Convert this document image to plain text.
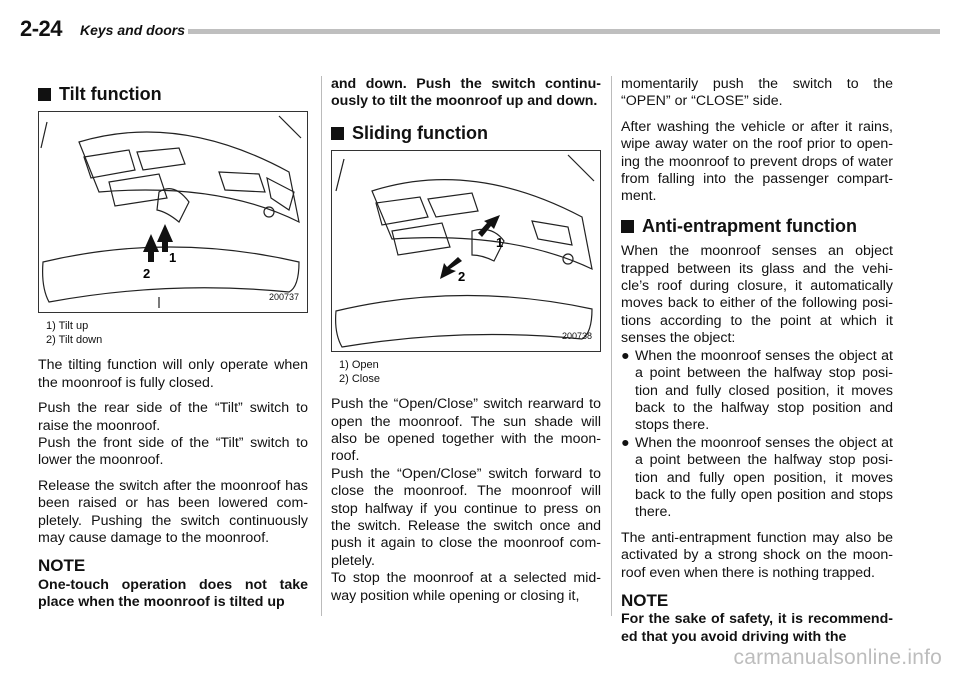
2-24 Keys and doors
Tilt function
1
2
200737
1) Tilt up
2) Tilt down

The tilting function will only operate when the moonroof is fully closed.

Push the rear side of the “Tilt” switch to raise the moonroof.

Push the front side of the “Tilt” switch to lower the moonroof.

Release the switch after the moonroof has been raised or has been lowered com-pletely. Pushing the switch continuously may cause damage to the moonroof.

NOTE
One-touch operation does not take place when the moonroof is tilted up

and down. Push the switch continu-ously to tilt the moonroof up and down.

Sliding function
1
2
200738
1) Open
2) Close

Push the “Open/Close” switch rearward to open the moonroof. The sun shade will also be opened together with the moon-roof.

Push the “Open/Close” switch forward to close the moonroof. The moonroof will stop halfway if you continue to press on the switch. Release the switch once and push it again to close the moonroof com-pletely.

To stop the moonroof at a selected mid-way position while opening or closing it,

momentarily push the switch to the “OPEN” or “CLOSE” side.

After washing the vehicle or after it rains, wipe away water on the roof prior to open-ing the moonroof to prevent drops of water from falling into the passenger compart-ment.

Anti-entrapment function

When the moonroof senses an object trapped between its glass and the vehi-cle’s roof during closure, it automatically moves back to either of the following posi-tions according to the point at which it senses the object:

● When the moonroof senses the object at a point between the halfway stop posi-tion and fully closed position, it moves back to the halfway stop position and stops there.
● When the moonroof senses the object at a point between the halfway stop posi-tion and fully open position, it moves back to the fully open position and stops there.

The anti-entrapment function may also be activated by a strong shock on the moon-roof even when there is nothing trapped.

NOTE
For the sake of safety, it is recommend-ed that you avoid driving with the
carmanualsonline.info
